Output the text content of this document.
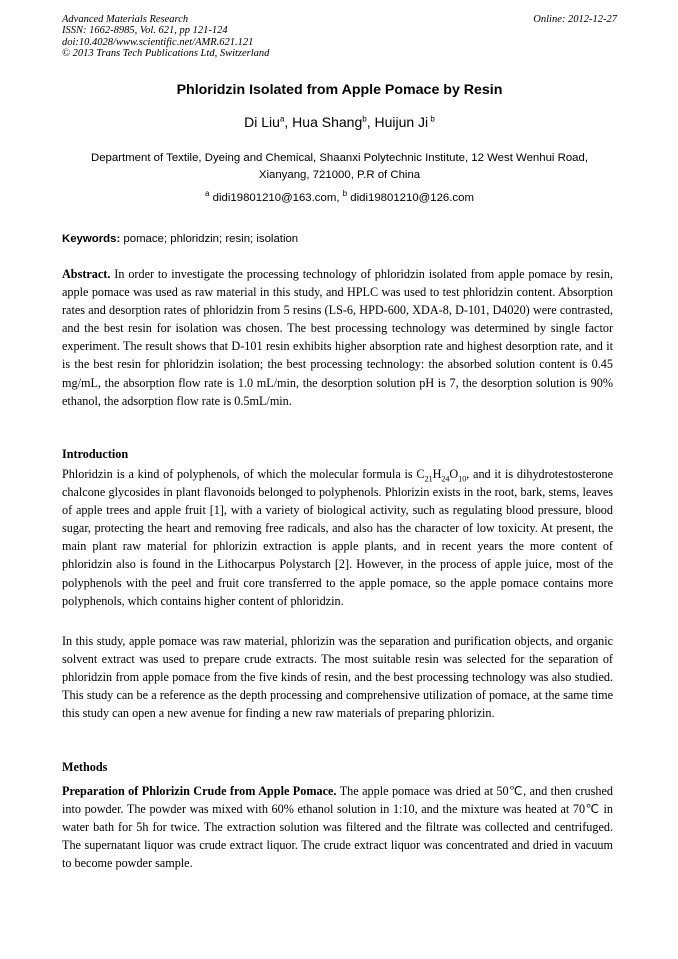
Advanced Materials Research
ISSN: 1662-8985, Vol. 621, pp 121-124
doi:10.4028/www.scientific.net/AMR.621.121
© 2013 Trans Tech Publications Ltd, Switzerland
Online: 2012-12-27
Phloridzin Isolated from Apple Pomace by Resin
Di Liu$^a$, Hua Shang$^b$, Huijun Ji $^b$
Department of Textile, Dyeing and Chemical, Shaanxi Polytechnic Institute, 12 West Wenhui Road,
Xianyang, 721000, P.R of China
$^a$ didi19801210@163.com, $^b$ didi19801210@126.com
Keywords: pomace; phloridzin; resin; isolation

Abstract. In order to investigate the processing technology of phloridzin isolated from apple pomace by resin, apple pomace was used as raw material in this study, and HPLC was used to test phloridzin content. Absorption rates and desorption rates of phloridzin from 5 resins (LS-6, HPD-600, XDA-8, D-101, D4020) were contrasted, and the best resin for isolation was chosen. The best processing technology was determined by single factor experiment. The result shows that D-101 resin exhibits higher absorption rate and highest desorption rate, and it is the best resin for phloridzin isolation; the best processing technology: the absorbed solution content is 0.45 mg/mL, the absorption flow rate is 1.0 mL/min, the desorption solution pH is 7, the desorption solution is 90% ethanol, the adsorption flow rate is 0.5mL/min.

Introduction

Phloridzin is a kind of polyphenols, of which the molecular formula is $C_{21}H_{24}O_{10}$, and it is dihydrotestosterone chalcone glycosides in plant flavonoids belonged to polyphenols. Phlorizin exists in the root, bark, stems, leaves of apple trees and apple fruit [1], with a variety of biological activity, such as regulating blood pressure, blood sugar, protecting the heart and removing free radicals, and also has the character of low toxicity. At present, the main plant raw material for phlorizin extraction is apple plants, and in recent years the more content of phloridzin also is found in the Lithocarpus Polystarch [2]. However, in the process of apple juice, most of the polyphenols with the peel and fruit core transferred to the apple pomace, so the apple pomace contains more polyphenols, which contains higher content of phloridzin.

In this study, apple pomace was raw material, phlorizin was the separation and purification objects, and organic solvent extract was used to prepare crude extracts. The most suitable resin was selected for the separation of phloridzin from apple pomace from the five kinds of resin, and the best processing technology was also studied. This study can be a reference as the depth processing and comprehensive utilization of pomace, at the same time this study can open a new avenue for finding a new raw materials of preparing phlorizin.

Methods

Preparation of Phlorizin Crude from Apple Pomace. The apple pomace was dried at 50℃, and then crushed into powder. The powder was mixed with 60% ethanol solution in 1:10, and the mixture was heated at 70℃ in water bath for 5h for twice. The extraction solution was filtered and the filtrate was collected and centrifuged. The supernatant liquor was crude extract liquor. The crude extract liquor was concentrated and dried in vacuum to become powder sample.
